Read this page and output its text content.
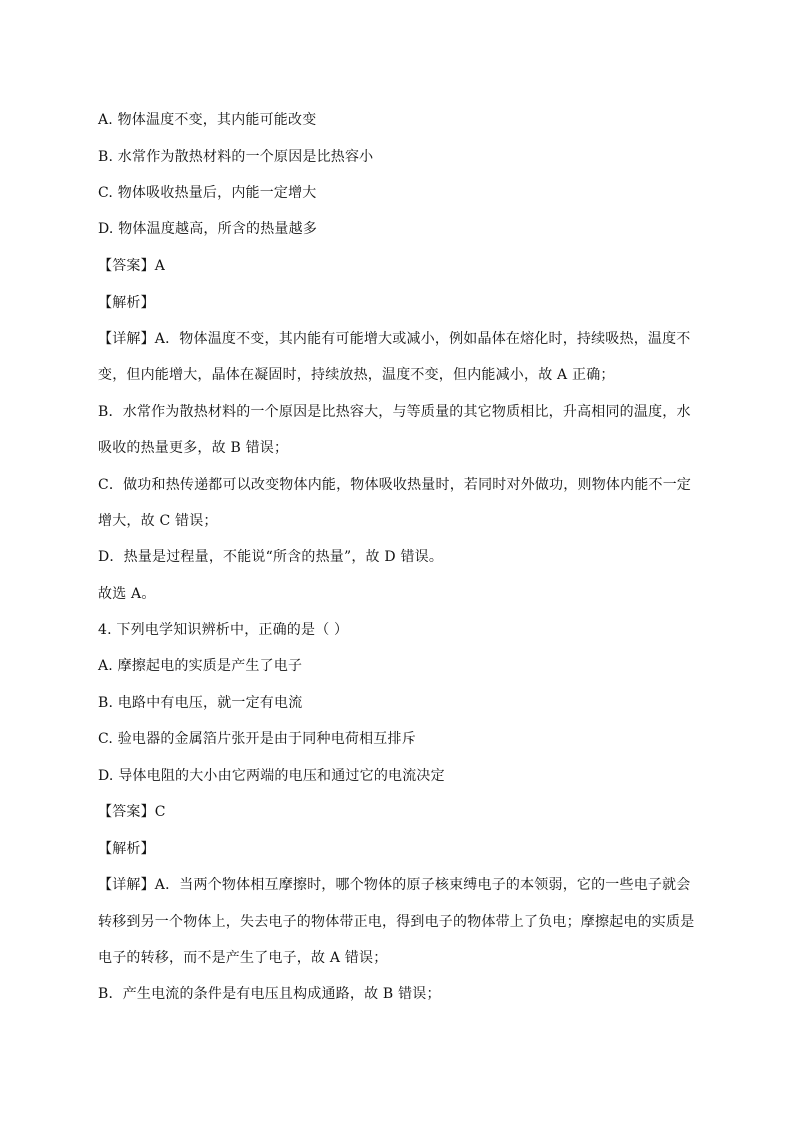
A. 物体温度不变，其内能可能改变
B. 水常作为散热材料的一个原因是比热容小
C. 物体吸收热量后，内能一定增大
D. 物体温度越高，所含的热量越多
【答案】A
【解析】
【详解】A．物体温度不变，其内能有可能增大或减小，例如晶体在熔化时，持续吸热，温度不
变，但内能增大，晶体在凝固时，持续放热，温度不变，但内能减小，故 A 正确；
B．水常作为散热材料的一个原因是比热容大，与等质量的其它物质相比，升高相同的温度，水
吸收的热量更多，故 B 错误；
C．做功和热传递都可以改变物体内能，物体吸收热量时，若同时对外做功，则物体内能不一定
增大，故 C 错误；
D．热量是过程量，不能说“所含的热量”，故 D 错误。
故选 A。
4. 下列电学知识辨析中，正确的是（ ）
A. 摩擦起电的实质是产生了电子
B. 电路中有电压，就一定有电流
C. 验电器的金属箔片张开是由于同种电荷相互排斥
D. 导体电阻的大小由它两端的电压和通过它的电流决定
【答案】C
【解析】
【详解】A．当两个物体相互摩擦时，哪个物体的原子核束缚电子的本领弱，它的一些电子就会
转移到另一个物体上，失去电子的物体带正电，得到电子的物体带上了负电；摩擦起电的实质是
电子的转移，而不是产生了电子，故 A 错误；
B．产生电流的条件是有电压且构成通路，故 B 错误；
